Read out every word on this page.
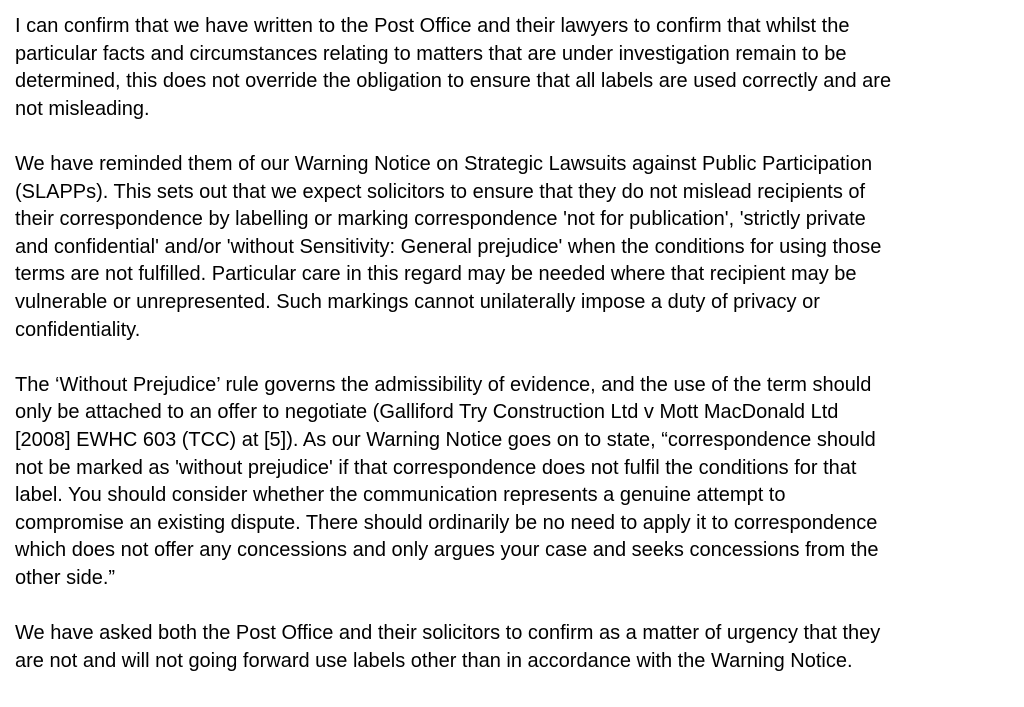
I can confirm that we have written to the Post Office and their lawyers to confirm that whilst the
particular facts and circumstances relating to matters that are under investigation remain to be
determined, this does not override the obligation to ensure that all labels are used correctly and are
not misleading.

We have reminded them of our Warning Notice on Strategic Lawsuits against Public Participation
(SLAPPs). This sets out that we expect solicitors to ensure that they do not mislead recipients of
their correspondence by labelling or marking correspondence 'not for publication', 'strictly private
and confidential' and/or 'without Sensitivity: General prejudice' when the conditions for using those
terms are not fulfilled. Particular care in this regard may be needed where that recipient may be
vulnerable or unrepresented. Such markings cannot unilaterally impose a duty of privacy or
confidentiality.

The ‘Without Prejudice’ rule governs the admissibility of evidence, and the use of the term should
only be attached to an offer to negotiate (Galliford Try Construction Ltd v Mott MacDonald Ltd
[2008] EWHC 603 (TCC) at [5]). As our Warning Notice goes on to state, “correspondence should
not be marked as 'without prejudice' if that correspondence does not fulfil the conditions for that
label. You should consider whether the communication represents a genuine attempt to
compromise an existing dispute. There should ordinarily be no need to apply it to correspondence
which does not offer any concessions and only argues your case and seeks concessions from the
other side.”

We have asked both the Post Office and their solicitors to confirm as a matter of urgency that they
are not and will not going forward use labels other than in accordance with the Warning Notice.
